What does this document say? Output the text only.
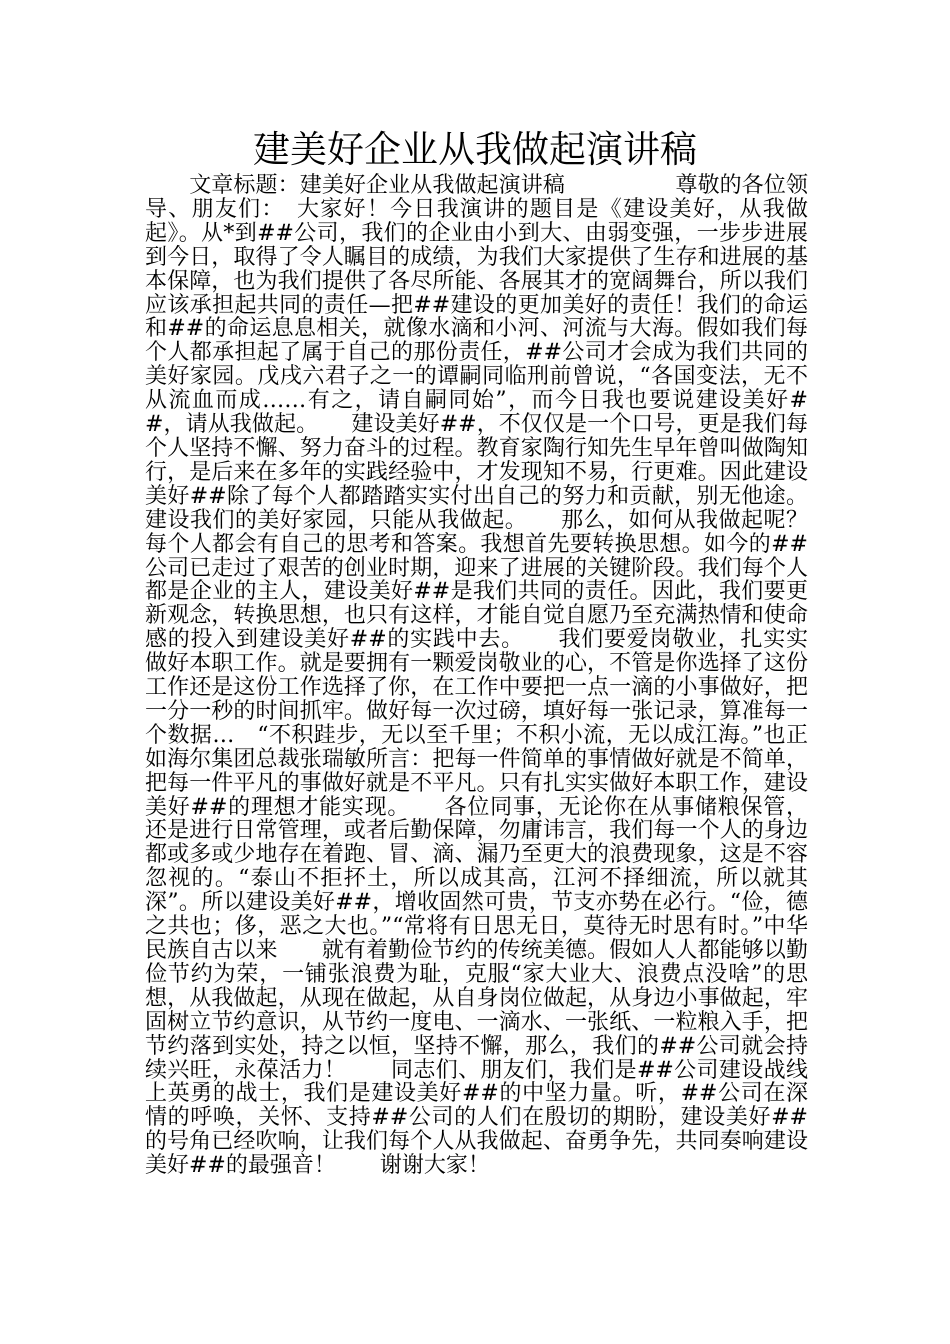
建美好企业从我做起演讲稿

　　文章标题：建美好企业从我做起演讲稿　　　　　尊敬的各位领导、朋友们：　大家好！今日我演讲的题目是《建设美好，从我做起》。从*到##公司，我们的企业由小到大、由弱变强，一步步进展到今日，取得了令人瞩目的成绩，为我们大家提供了生存和进展的基本保障，也为我们提供了各尽所能、各展其才的宽阔舞台，所以我们应该承担起共同的责任—把##建设的更加美好的责任！我们的命运和##的命运息息相关，就像水滴和小河、河流与大海。假如我们每个人都承担起了属于自己的那份责任，##公司才会成为我们共同的美好家园。戊戌六君子之一的谭嗣同临刑前曾说，“各国变法，无不从流血而成……有之，请自嗣同始”，而今日我也要说建设美好##，请从我做起。　　建设美好##，不仅仅是一个口号，更是我们每个人坚持不懈、努力奋斗的过程。教育家陶行知先生早年曾叫做陶知行，是后来在多年的实践经验中，才发现知不易，行更难。因此建设美好##除了每个人都踏踏实实付出自己的努力和贡献，别无他途。建设我们的美好家园，只能从我做起。　　那么，如何从我做起呢？每个人都会有自己的思考和答案。我想首先要转换思想。如今的##公司已走过了艰苦的创业时期，迎来了进展的关键阶段。我们每个人都是企业的主人，建设美好##是我们共同的责任。因此，我们要更新观念，转换思想，也只有这样，才能自觉自愿乃至充满热情和使命感的投入到建设美好##的实践中去。　　我们要爱岗敬业，扎实实做好本职工作。就是要拥有一颗爱岗敬业的心，不管是你选择了这份工作还是这份工作选择了你，在工作中要把一点一滴的小事做好，把一分一秒的时间抓牢。做好每一次过磅，填好每一张记录，算准每一个数据…　“不积跬步，无以至千里；不积小流，无以成江海。”也正如海尔集团总裁张瑞敏所言：把每一件简单的事情做好就是不简单，把每一件平凡的事做好就是不平凡。只有扎实实做好本职工作，建设美好##的理想才能实现。　　各位同事，无论你在从事储粮保管，还是进行日常管理，或者后勤保障，勿庸讳言，我们每一个人的身边都或多或少地存在着跑、冒、滴、漏乃至更大的浪费现象，这是不容忽视的。“泰山不拒抔土，所以成其高，江河不择细流，所以就其深”。所以建设美好##，增收固然可贵，节支亦势在必行。“俭，德之共也；侈，恶之大也。”“常将有日思无日，莫待无时思有时。”中华民族自古以来　　就有着勤俭节约的传统美德。假如人人都能够以勤俭节约为荣，一铺张浪费为耻，克服“家大业大、浪费点没啥”的思想，从我做起，从现在做起，从自身岗位做起，从身边小事做起，牢固树立节约意识，从节约一度电、一滴水、一张纸、一粒粮入手，把节约落到实处，持之以恒，坚持不懈，那么，我们的##公司就会持续兴旺，永葆活力！　　同志们、朋友们，我们是##公司建设战线上英勇的战士，我们是建设美好##的中坚力量。听，##公司在深情的呼唤，关怀、支持##公司的人们在殷切的期盼，建设美好##的号角已经吹响，让我们每个人从我做起、奋勇争先，共同奏响建设美好##的最强音！　　谢谢大家！
